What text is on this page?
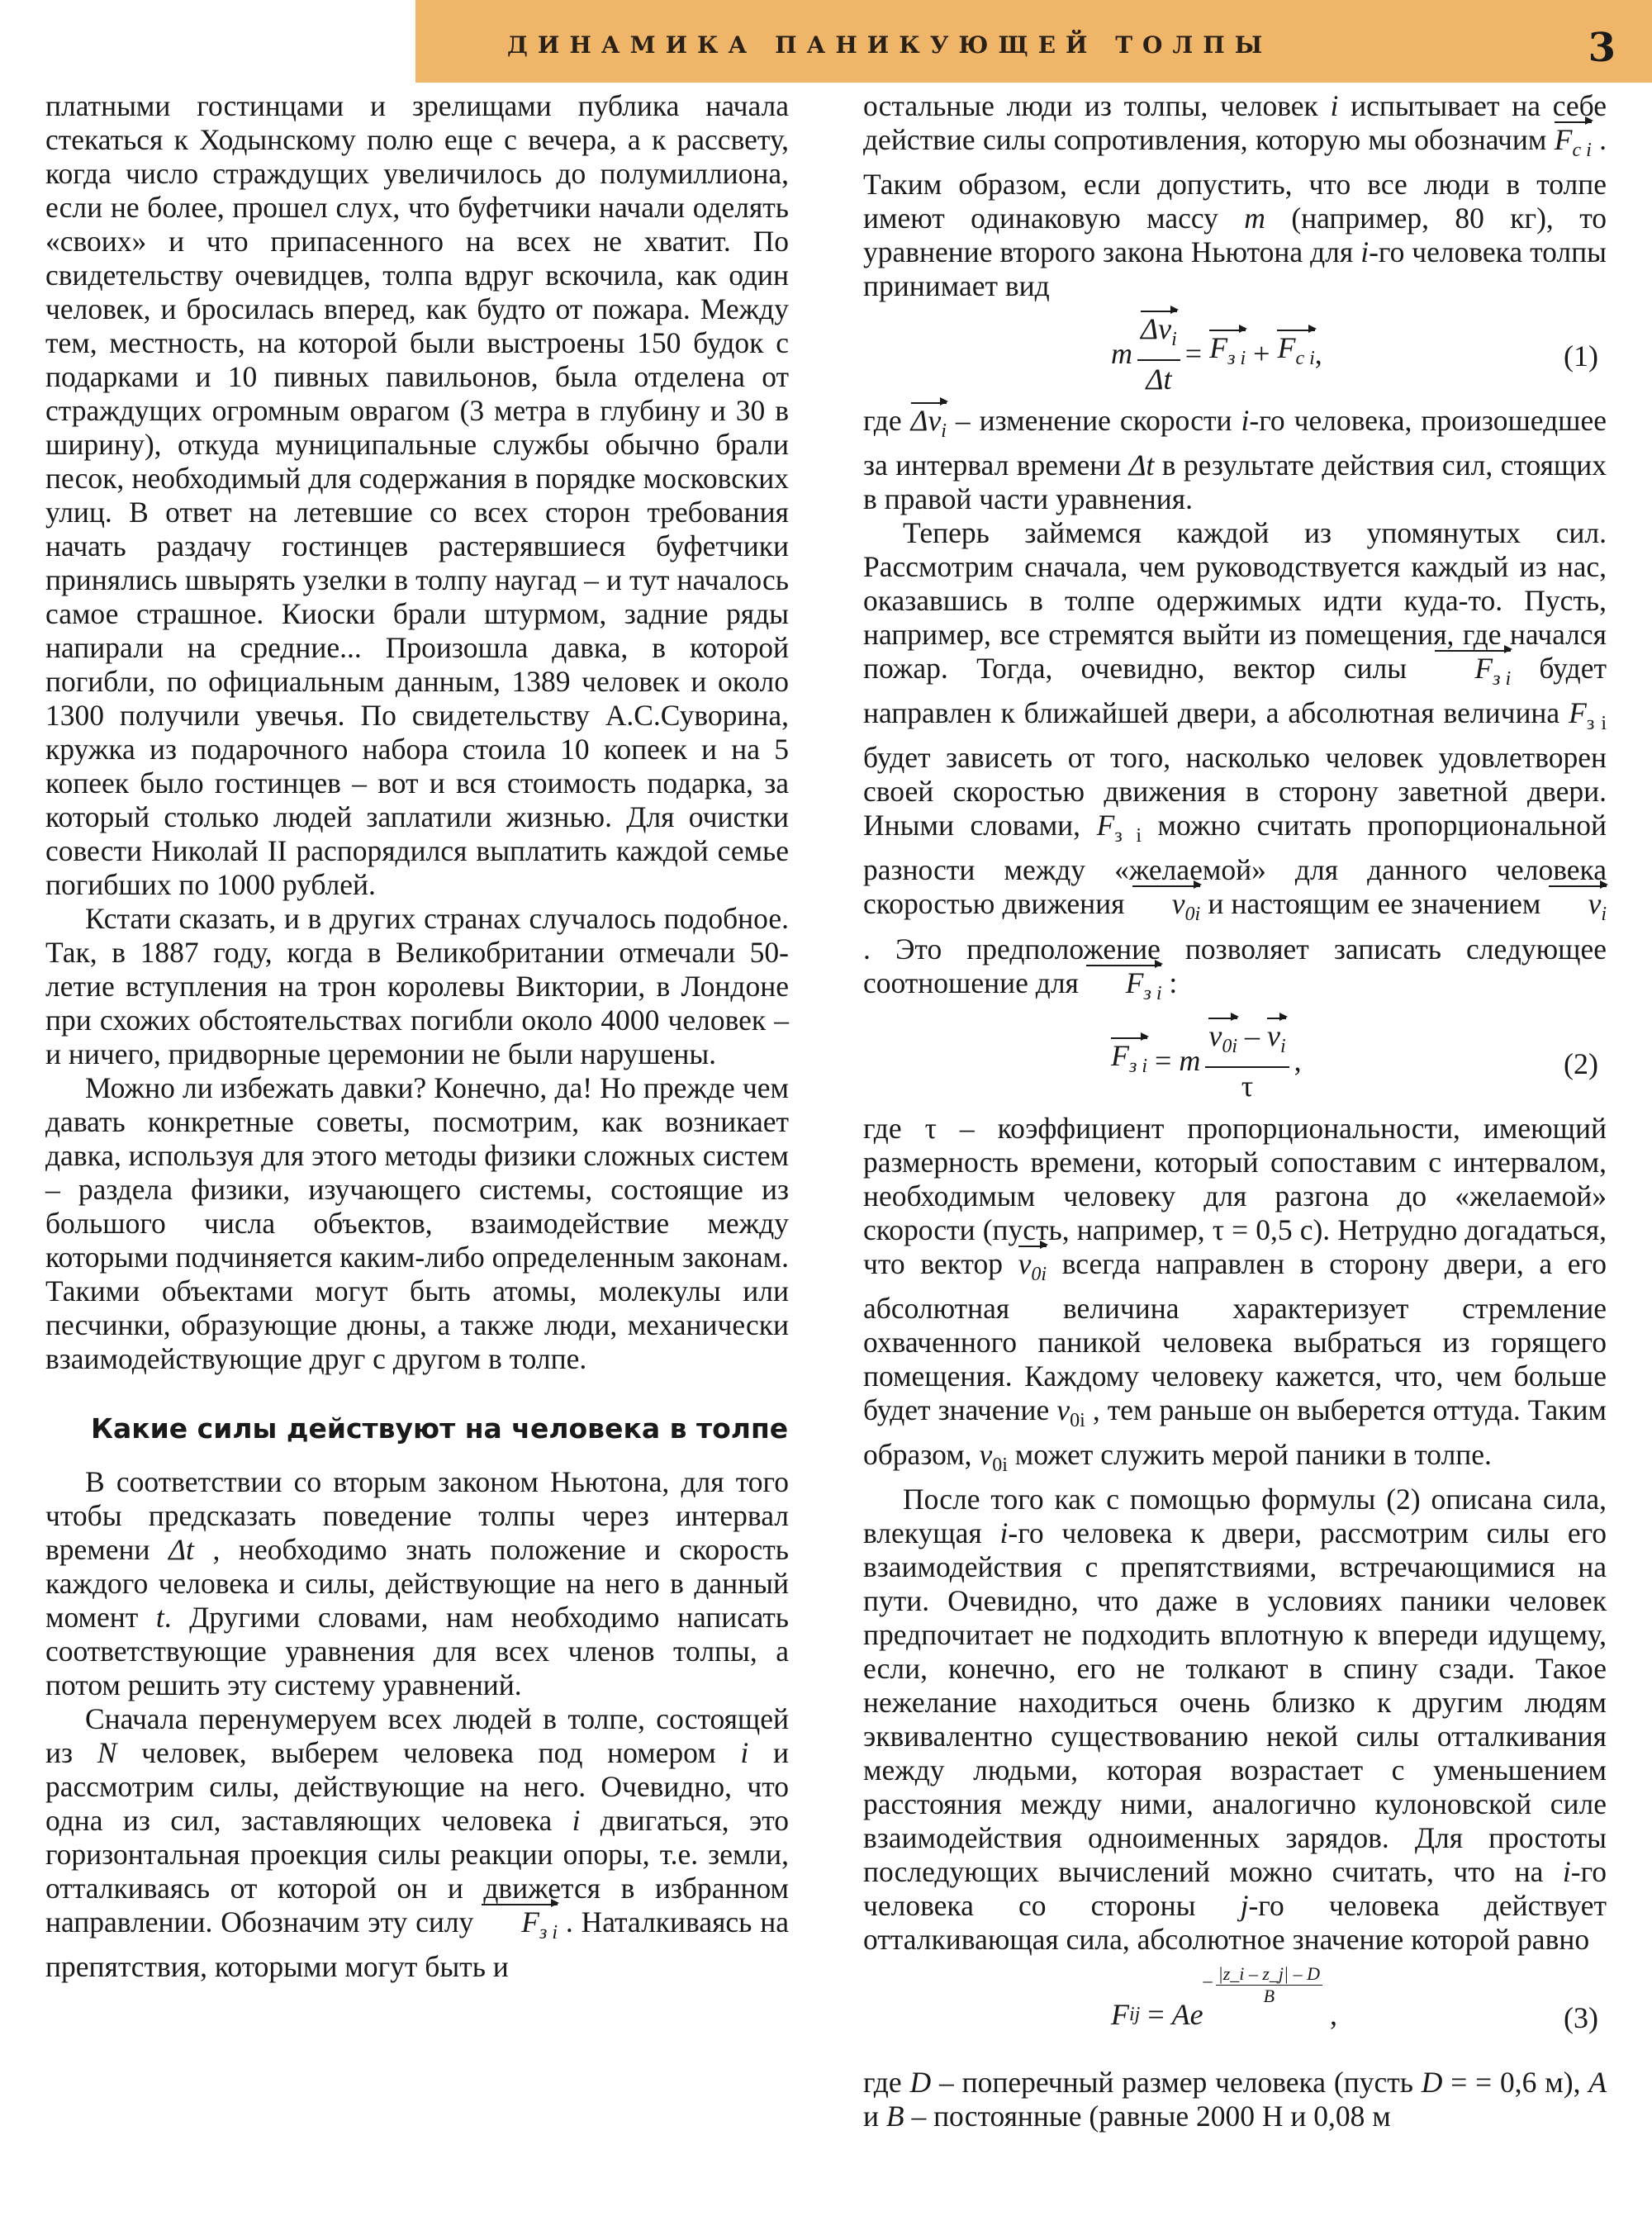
ДИНАМИКА ПАНИКУЮЩЕЙ ТОЛПЫ	3

платными гостинцами и зрелищами публика начала стекаться к Ходынскому полю еще с вечера, а к рассвету, когда число страждущих увеличилось до полумиллиона, если не более, прошел слух, что буфетчики начали оделять «своих» и что припасенного на всех не хватит. По свидетельству очевидцев, толпа вдруг вскочила, как один человек, и бросилась вперед, как будто от пожара. Между тем, местность, на которой были выстроены 150 будок с подарками и 10 пивных павильонов, была отделена от страждущих огромным оврагом (3 метра в глубину и 30 в ширину), откуда муниципальные службы обычно брали песок, необходимый для содержания в порядке московских улиц. В ответ на летевшие со всех сторон требования начать раздачу гостинцев растерявшиеся буфетчики принялись швырять узелки в толпу наугад – и тут началось самое страшное. Киоски брали штурмом, задние ряды напирали на средние... Произошла давка, в которой погибли, по официальным данным, 1389 человек и около 1300 получили увечья. По свидетельству А.С.Суворина, кружка из подарочного набора стоила 10 копеек и на 5 копеек было гостинцев – вот и вся стоимость подарка, за который столько людей заплатили жизнью. Для очистки совести Николай II распорядился выплатить каждой семье погибших по 1000 рублей.

Кстати сказать, и в других странах случалось подобное. Так, в 1887 году, когда в Великобритании отмечали 50-летие вступления на трон королевы Виктории, в Лондоне при схожих обстоятельствах погибли около 4000 человек – и ничего, придворные церемонии не были нарушены.

Можно ли избежать давки? Конечно, да! Но прежде чем давать конкретные советы, посмотрим, как возникает давка, используя для этого методы физики сложных систем – раздела физики, изучающего системы, состоящие из большого числа объектов, взаимодействие между которыми подчиняется каким-либо определенным законам. Такими объектами могут быть атомы, молекулы или песчинки, образующие дюны, а также люди, механически взаимодействующие друг с другом в толпе.

Какие силы действуют на человека в толпе

В соответствии со вторым законом Ньютона, для того чтобы предсказать поведение толпы через интервал времени Δt , необходимо знать положение и скорость каждого человека и силы, действующие на него в данный момент t. Другими словами, нам необходимо написать соответствующие уравнения для всех членов толпы, а потом решить эту систему уравнений.

Сначала перенумеруем всех людей в толпе, состоящей из N человек, выберем человека под номером i и рассмотрим силы, действующие на него. Очевидно, что одна из сил, заставляющих человека i двигаться, это горизонтальная проекция силы реакции опоры, т.е. земли, отталкиваясь от которой он и движется в избранном направлении. Обозначим эту силу $F_{з i}$ . Наталкиваясь на препятствия, которыми могут быть и

остальные люди из толпы, человек i испытывает на себе действие силы сопротивления, которую мы обозначим $F_{c i}$ . Таким образом, если допустить, что все люди в толпе имеют одинаковую массу m (например, 80 кг), то уравнение второго закона Ньютона для i-го человека толпы принимает вид

m $\frac{\Delta v_i}{\Delta t}$ =
$F_{з i}$
+
$F_{c i}$ ,	(1)

где $\Delta v_i$ – изменение скорости i-го человека, произошедшее за интервал времени Δt в результате действия сил, стоящих в правой части уравнения.

Теперь займемся каждой из упомянутых сил. Рассмотрим сначала, чем руководствуется каждый из нас, оказавшись в толпе одержимых идти куда-то. Пусть, например, все стремятся выйти из помещения, где начался пожар. Тогда, очевидно, вектор силы $F_{з i}$ будет направлен к ближайшей двери, а абсолютная величина $F_{з i}$ будет зависеть от того, насколько человек удовлетворен своей скоростью движения в сторону заветной двери. Иными словами, $F_{з i}$ можно считать пропорциональной разности между «желаемой» для данного человека скоростью движения $v_{0i}$ и настоящим ее значением $v_i$ . Это предположение позволяет записать следующее соотношение для $F_{з i}$ :

$F_{з i}$
=
m $\frac{v_{0i} - v_i}{\tau}$ ,	(2)

где τ – коэффициент пропорциональности, имеющий размерность времени, который сопоставим с интервалом, необходимым человеку для разгона до «желаемой» скорости (пусть, например, τ = 0,5 с). Нетрудно догадаться, что вектор $v_{0i}$ всегда направлен в сторону двери, а его абсолютная величина характеризует стремление охваченного паникой человека выбраться из горящего помещения. Каждому человеку кажется, что, чем больше будет значение $v_{0i}$ , тем раньше он выберется оттуда. Таким образом, $v_{0i}$ может служить мерой паники в толпе.

После того как с помощью формулы (2) описана сила, влекущая i-го человека к двери, рассмотрим силы его взаимодействия с препятствиями, встречающимися на пути. Очевидно, что даже в условиях паники человек предпочитает не подходить вплотную к впереди идущему, если, конечно, его не толкают в спину сзади. Такое нежелание находиться очень близко к другим людям эквивалентно существованию некой силы отталкивания между людьми, которая возрастает с уменьшением расстояния между ними, аналогично кулоновской силе взаимодействия одноименных зарядов. Для простоты последующих вычислений можно считать, что на i-го человека со стороны j-го человека действует отталкивающая сила, абсолютное значение которой равно

F ij
=
A e
– |z_i – z_j| – D
B

,	(3)

где D – поперечный размер человека (пусть D = = 0,6 м), A и B – постоянные (равные 2000 Н и 0,08 м
